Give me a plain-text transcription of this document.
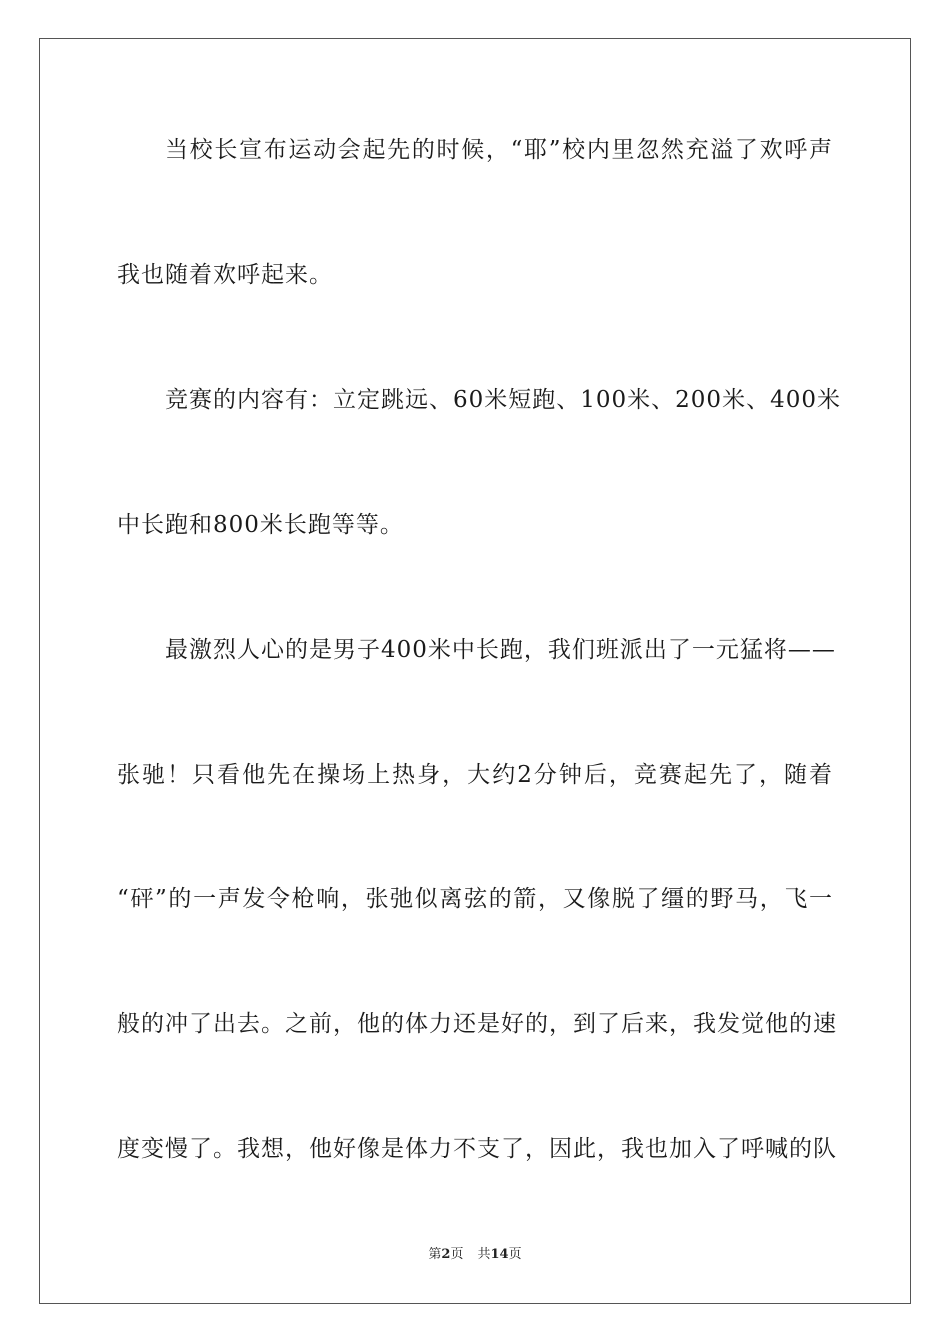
当校长宣布运动会起先的时候，“耶”校内里忽然充溢了欢呼声
我也随着欢呼起来。
竞赛的内容有：立定跳远、60米短跑、100米、200米、400米
中长跑和800米长跑等等。
最激烈人心的是男子400米中长跑，我们班派出了一元猛将——
张驰！只看他先在操场上热身，大约2分钟后，竞赛起先了，随着
“砰”的一声发令枪响，张弛似离弦的箭，又像脱了缰的野马，飞一
般的冲了出去。之前，他的体力还是好的，到了后来，我发觉他的速
度变慢了。我想，他好像是体力不支了，因此，我也加入了呼喊的队
第2页 共14页
